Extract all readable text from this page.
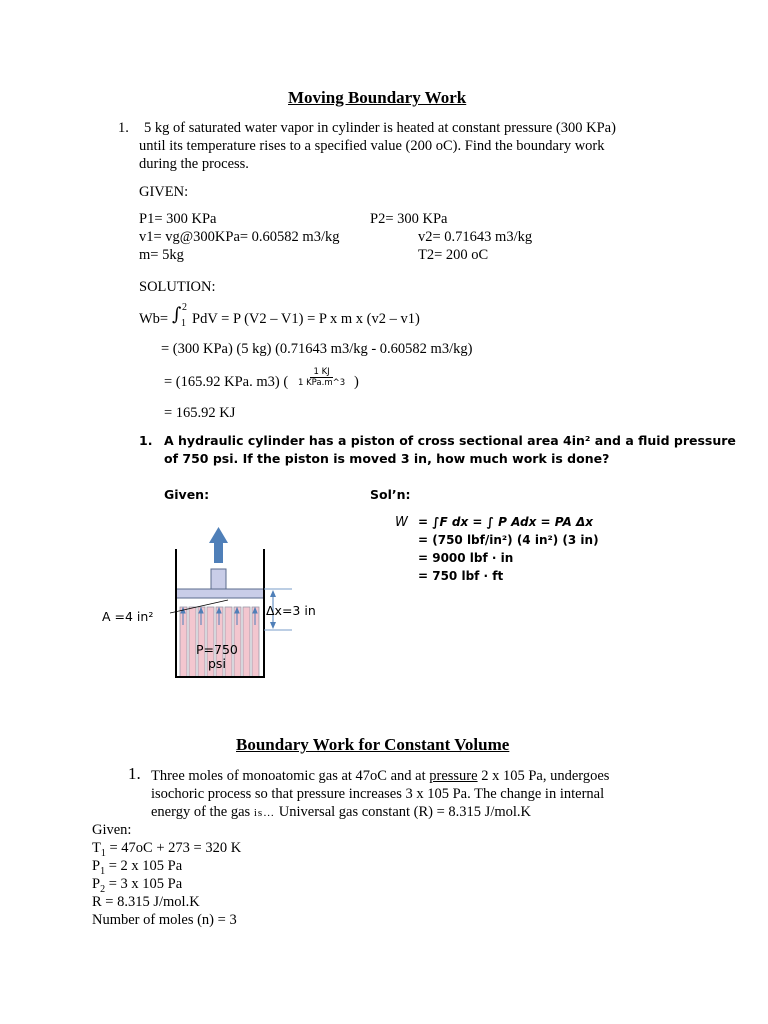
Moving Boundary Work
1. 5 kg of saturated water vapor in cylinder is heated at constant pressure (300 KPa)
until its temperature rises to a specified value (200 oC). Find the boundary work
during the process.
GIVEN:
P1= 300 KPa
v1= vg@300KPa= 0.60582 m3/kg
m= 5kg
P2= 300 KPa
v2= 0.71643 m3/kg
T2= 200 oC
SOLUTION:
Wb= ∫ 2
1 PdV = P (V2 – V1) = P x m x (v2 – v1)
= (300 KPa) (5 kg) (0.71643 m3/kg - 0.60582 m3/kg)
= (165.92 KPa. m3) (
1 KJ
1 KPa.m^3 )
= 165.92 KJ
1. A hydraulic cylinder has a piston of cross sectional area 4in² and a fluid pressure
of 750 psi. If the piston is moved 3 in, how much work is done?
Given:	Sol’n:
W = ∫F dx = ∫ P Adx = PA Δx
= (750 lbf/in²) (4 in²) (3 in)
= 9000 lbf · in
= 750 lbf · ft
A =4 in²	Δx=3 in
P=750
psi
Boundary Work for Constant Volume
1. Three moles of monoatomic gas at 47oC and at pressure 2 x 105 Pa, undergoes
isochoric process so that pressure increases 3 x 105 Pa. The change in internal
energy of the gas is… Universal gas constant (R) = 8.315 J/mol.K
Given:
$T_1 = 47oC + 273 = 320$ K
$P_1 = 2$ x 105 Pa
$P_2 = 3$ x 105 Pa
R = 8.315 J/mol.K
Number of moles (n) = 3
